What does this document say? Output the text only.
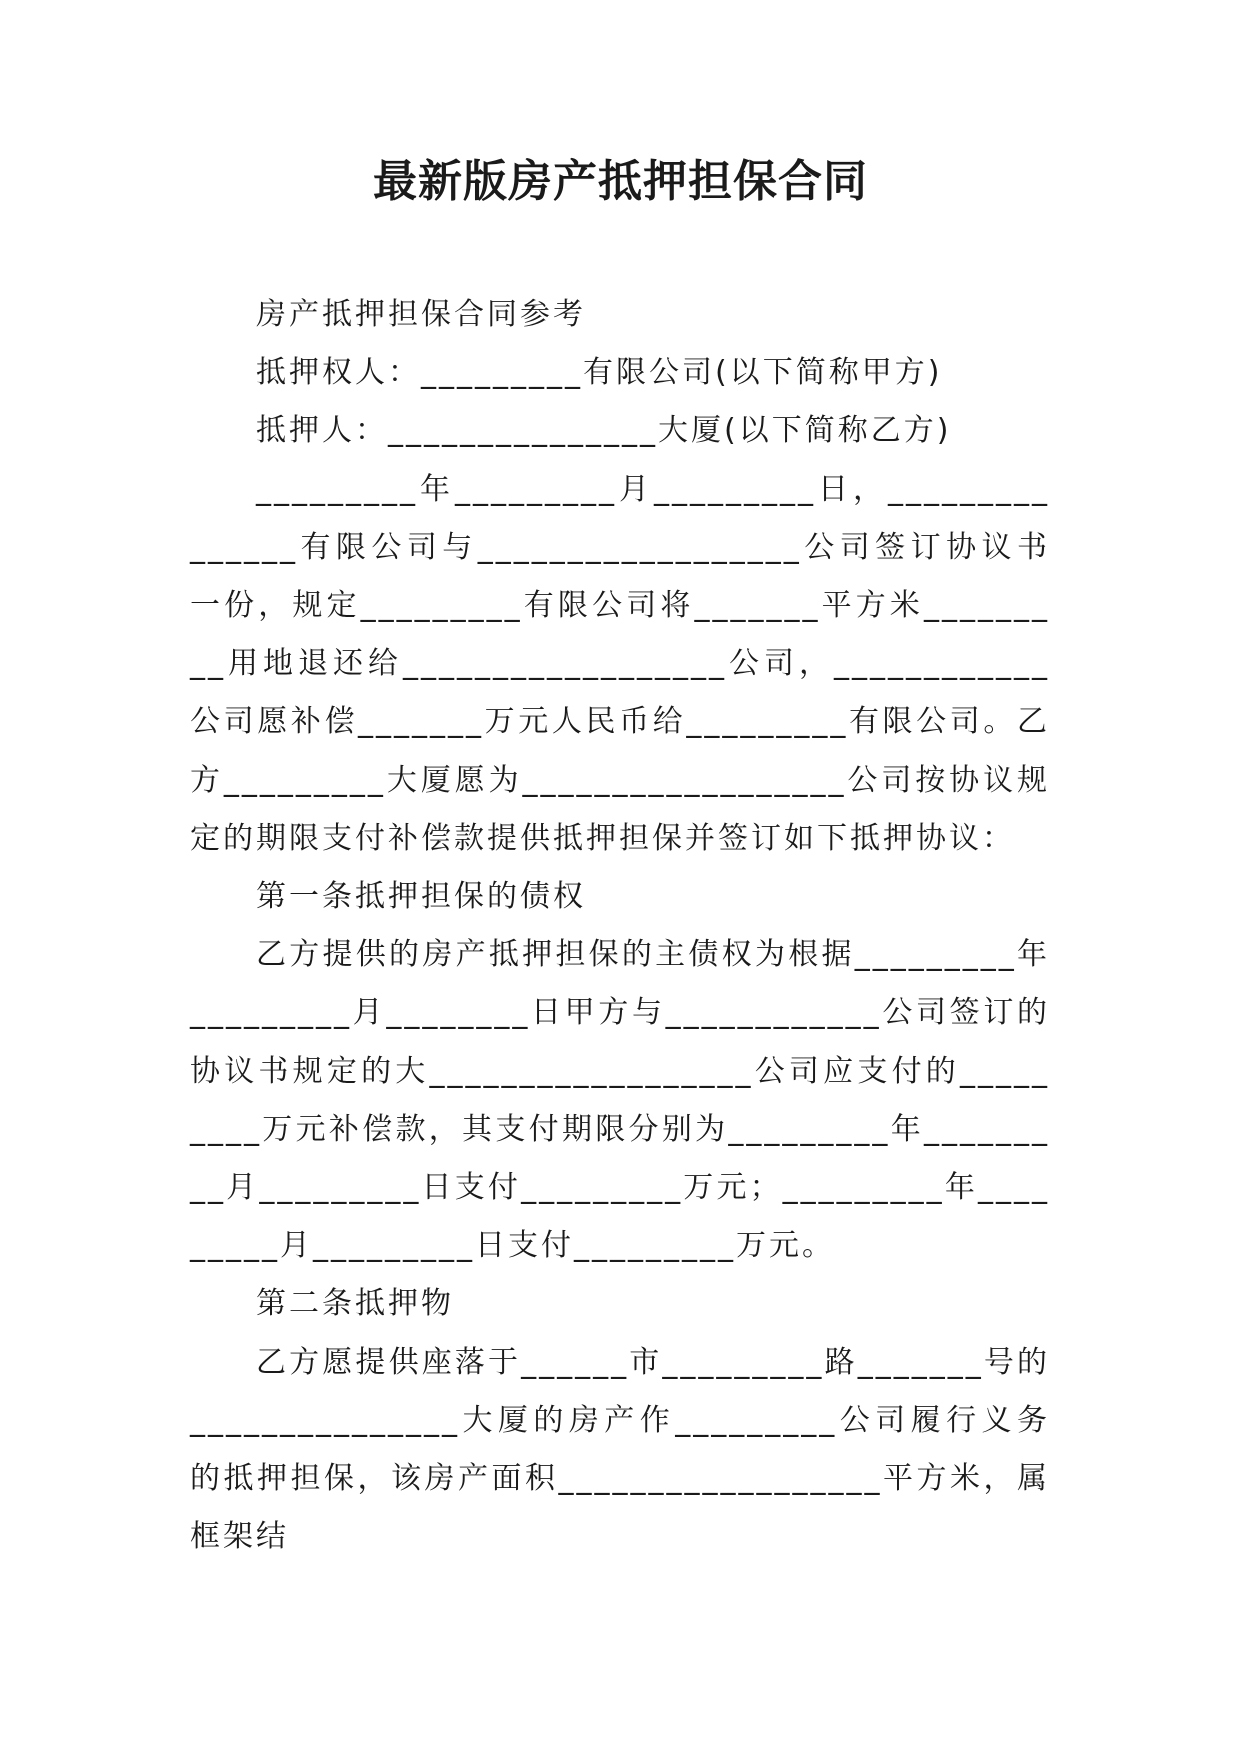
最新版房产抵押担保合同

房产抵押担保合同参考

抵押权人：_________有限公司(以下简称甲方)

抵押人：_______________大厦(以下简称乙方)

_________年_________月_________日，_______________有限公司与__________________公司签订协议书一份，规定_________有限公司将_______平方米_________用地退还给__________________公司，____________公司愿补偿_______万元人民币给_________有限公司。乙方_________大厦愿为__________________公司按协议规定的期限支付补偿款提供抵押担保并签订如下抵押协议：

第一条抵押担保的债权

乙方提供的房产抵押担保的主债权为根据_________年_________月________日甲方与____________公司签订的协议书规定的大__________________公司应支付的_________万元补偿款，其支付期限分别为_________年_________月_________日支付_________万元；_________年_________月_________日支付_________万元。

第二条抵押物

乙方愿提供座落于______市_________路_______号的_______________大厦的房产作_________公司履行义务的抵押担保，该房产面积__________________平方米，属框架结
